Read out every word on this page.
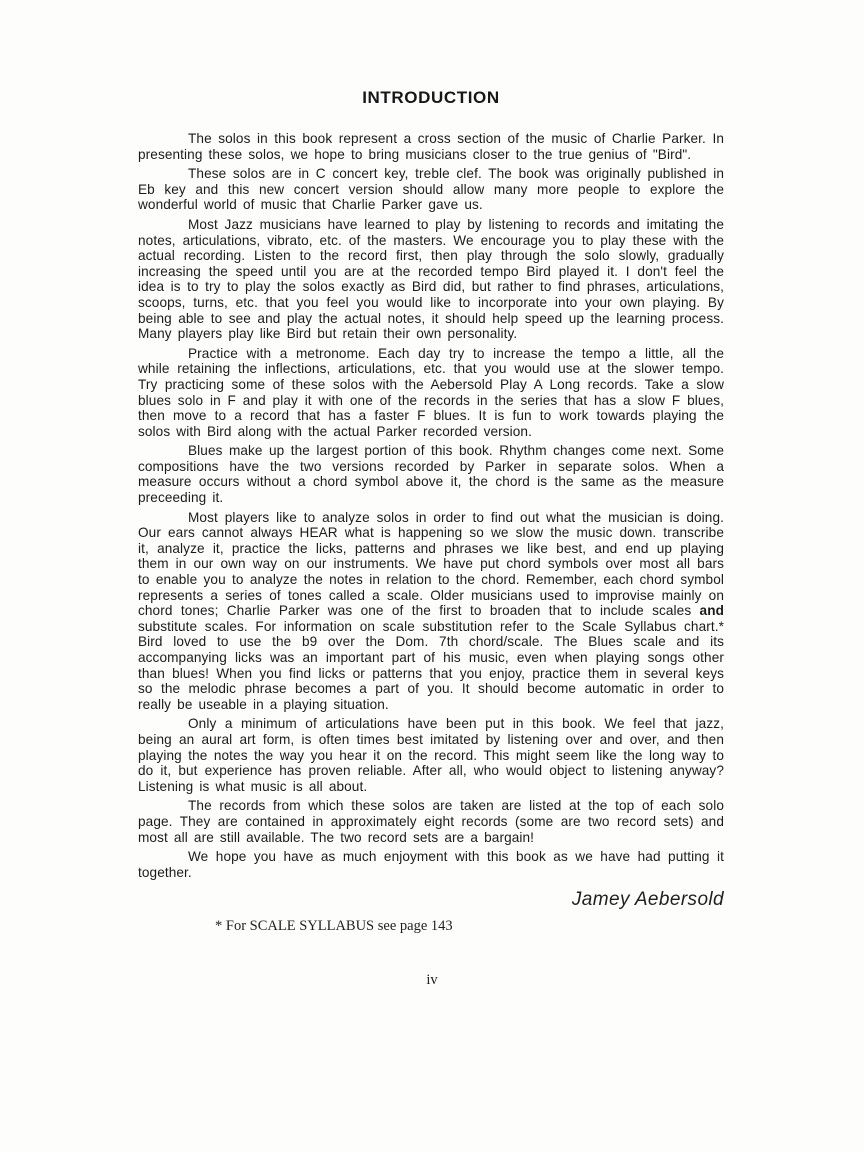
INTRODUCTION

The solos in this book represent a cross section of the music of Charlie Parker. In presenting these solos, we hope to bring musicians closer to the true genius of "Bird".

These solos are in C concert key, treble clef. The book was originally published in Eb key and this new concert version should allow many more people to explore the wonderful world of music that Charlie Parker gave us.

Most Jazz musicians have learned to play by listening to records and imitating the notes, articulations, vibrato, etc. of the masters. We encourage you to play these with the actual recording. Listen to the record first, then play through the solo slowly, gradually increasing the speed until you are at the recorded tempo Bird played it. I don't feel the idea is to try to play the solos exactly as Bird did, but rather to find phrases, articulations, scoops, turns, etc. that you feel you would like to incorporate into your own playing. By being able to see and play the actual notes, it should help speed up the learning process. Many players play like Bird but retain their own personality.

Practice with a metronome. Each day try to increase the tempo a little, all the while retaining the inflections, articulations, etc. that you would use at the slower tempo. Try practicing some of these solos with the Aebersold Play A Long records. Take a slow blues solo in F and play it with one of the records in the series that has a slow F blues, then move to a record that has a faster F blues. It is fun to work towards playing the solos with Bird along with the actual Parker recorded version.

Blues make up the largest portion of this book. Rhythm changes come next. Some compositions have the two versions recorded by Parker in separate solos. When a measure occurs without a chord symbol above it, the chord is the same as the measure preceeding it.

Most players like to analyze solos in order to find out what the musician is doing. Our ears cannot always HEAR what is happening so we slow the music down. transcribe it, analyze it, practice the licks, patterns and phrases we like best, and end up playing them in our own way on our instruments. We have put chord symbols over most all bars to enable you to analyze the notes in relation to the chord. Remember, each chord symbol represents a series of tones called a scale. Older musicians used to improvise mainly on chord tones; Charlie Parker was one of the first to broaden that to include scales and substitute scales. For information on scale substitution refer to the Scale Syllabus chart.* Bird loved to use the b9 over the Dom. 7th chord/scale. The Blues scale and its accompanying licks was an important part of his music, even when playing songs other than blues! When you find licks or patterns that you enjoy, practice them in several keys so the melodic phrase becomes a part of you. It should become automatic in order to really be useable in a playing situation.

Only a minimum of articulations have been put in this book. We feel that jazz, being an aural art form, is often times best imitated by listening over and over, and then playing the notes the way you hear it on the record. This might seem like the long way to do it, but experience has proven reliable. After all, who would object to listening anyway? Listening is what music is all about.

The records from which these solos are taken are listed at the top of each solo page. They are contained in approximately eight records (some are two record sets) and most all are still available. The two record sets are a bargain!

We hope you have as much enjoyment with this book as we have had putting it together.

Jamey Aebersold
* For SCALE SYLLABUS see page 143
iv
